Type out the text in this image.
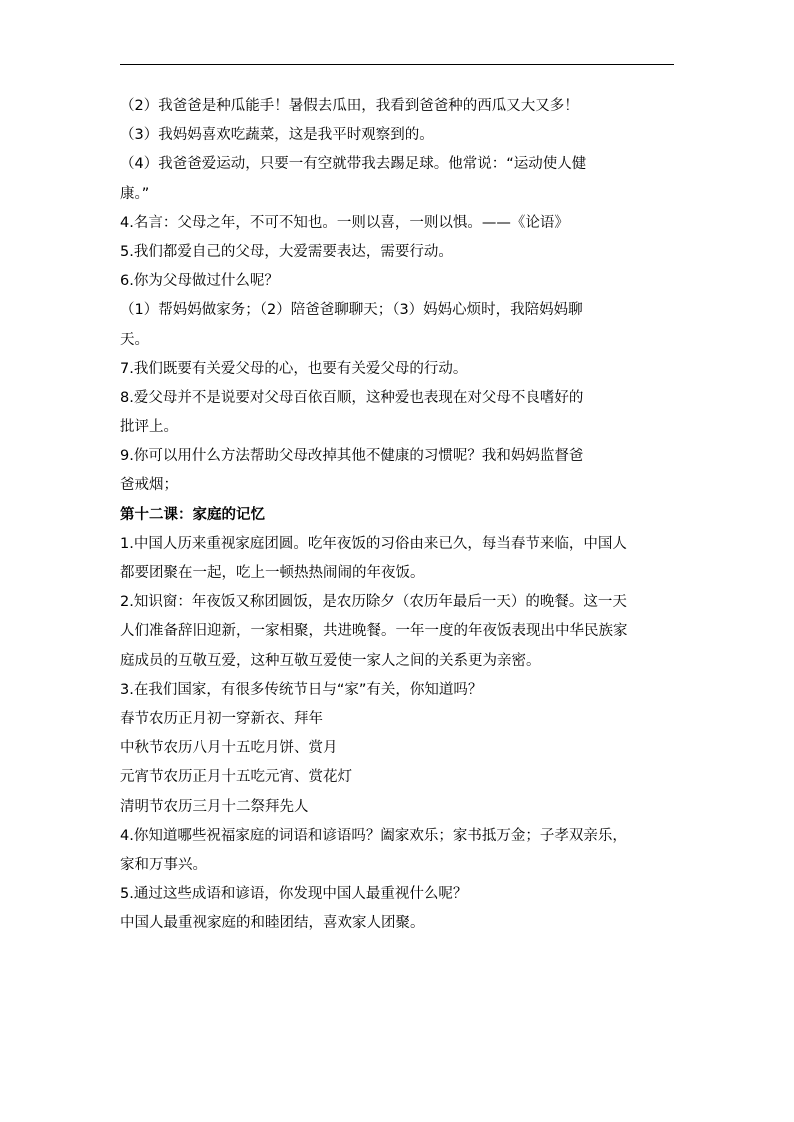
（2）我爸爸是种瓜能手！暑假去瓜田，我看到爸爸种的西瓜又大又多！
（3）我妈妈喜欢吃蔬菜，这是我平时观察到的。
（4）我爸爸爱运动，只要一有空就带我去踢足球。他常说：“运动使人健
康。”
4.名言：父母之年，不可不知也。一则以喜，一则以惧。——《论语》
5.我们都爱自己的父母，大爱需要表达，需要行动。
6.你为父母做过什么呢？
（1）帮妈妈做家务；（2）陪爸爸聊聊天；（3）妈妈心烦时，我陪妈妈聊
天。
7.我们既要有关爱父母的心，也要有关爱父母的行动。
8.爱父母并不是说要对父母百依百顺，这种爱也表现在对父母不良嗜好的
批评上。
9.你可以用什么方法帮助父母改掉其他不健康的习惯呢？我和妈妈监督爸
爸戒烟；
第十二课：家庭的记忆
1.中国人历来重视家庭团圆。吃年夜饭的习俗由来已久，每当春节来临，中国人
都要团聚在一起，吃上一顿热热闹闹的年夜饭。
2.知识窗：年夜饭又称团圆饭，是农历除夕（农历年最后一天）的晚餐。这一天
人们准备辞旧迎新，一家相聚，共进晚餐。一年一度的年夜饭表现出中华民族家
庭成员的互敬互爱，这种互敬互爱使一家人之间的关系更为亲密。
3.在我们国家，有很多传统节日与“家”有关，你知道吗？
春节农历正月初一穿新衣、拜年
中秋节农历八月十五吃月饼、赏月
元宵节农历正月十五吃元宵、赏花灯
清明节农历三月十二祭拜先人
4.你知道哪些祝福家庭的词语和谚语吗？阖家欢乐；家书抵万金；子孝双亲乐，
家和万事兴。
5.通过这些成语和谚语，你发现中国人最重视什么呢？
中国人最重视家庭的和睦团结，喜欢家人团聚。
